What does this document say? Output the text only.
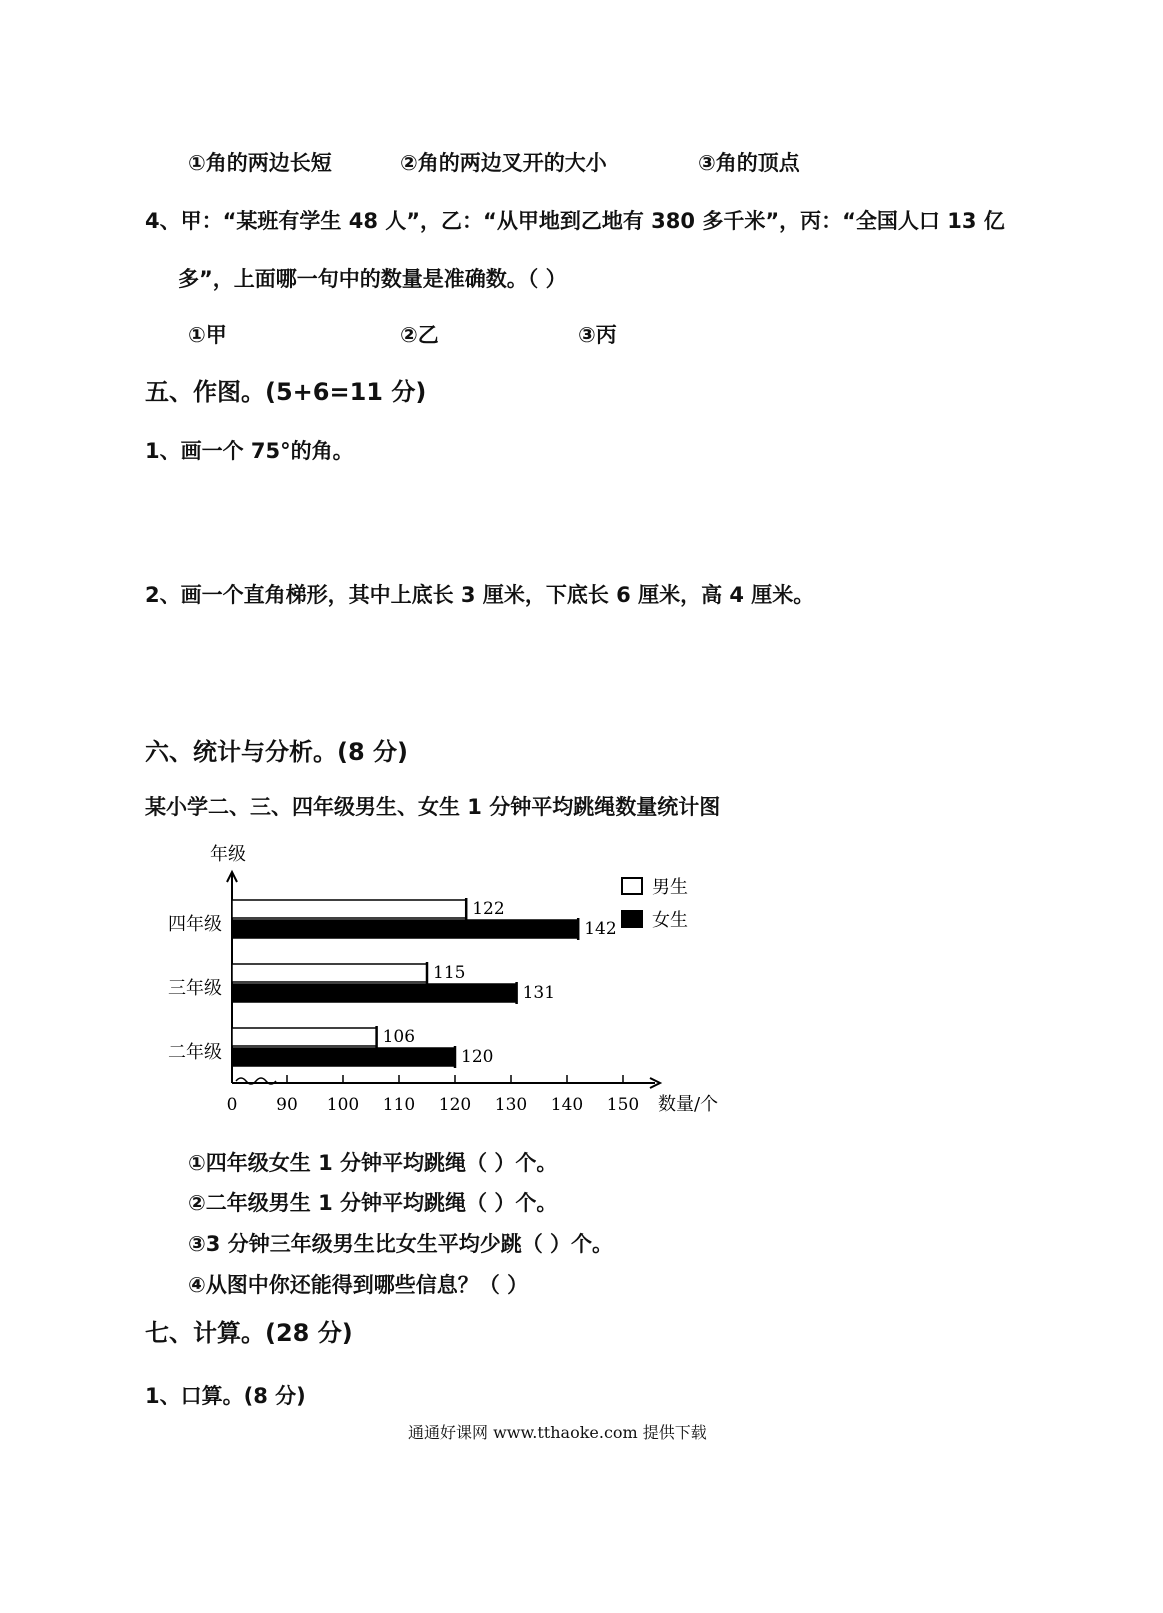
①角的两边长短	②角的两边叉开的大小	③角的顶点
4、甲：“某班有学生 48 人”，乙：“从甲地到乙地有 380 多千米”，丙：“全国人口 13 亿
多”，上面哪一句中的数量是准确数。（ ）
①甲	②乙	③丙
五、作图。(5+6=11 分)
1、画一个 75°的角。
2、画一个直角梯形，其中上底长 3 厘米，下底长 6 厘米，高 4 厘米。
六、统计与分析。(8 分)
某小学二、三、四年级男生、女生 1 分钟平均跳绳数量统计图
年级
数量/个
0 90 100 110 120 130 140 150
四年级
122
142
三年级
115
131
二年级
106
120
男生
女生
①四年级女生 1 分钟平均跳绳（ ）个。
②二年级男生 1 分钟平均跳绳（ ）个。
③3 分钟三年级男生比女生平均少跳（ ）个。
④从图中你还能得到哪些信息？（ ）
七、计算。(28 分)
1、口算。(8 分)
通通好课网 www.tthaoke.com 提供下载
